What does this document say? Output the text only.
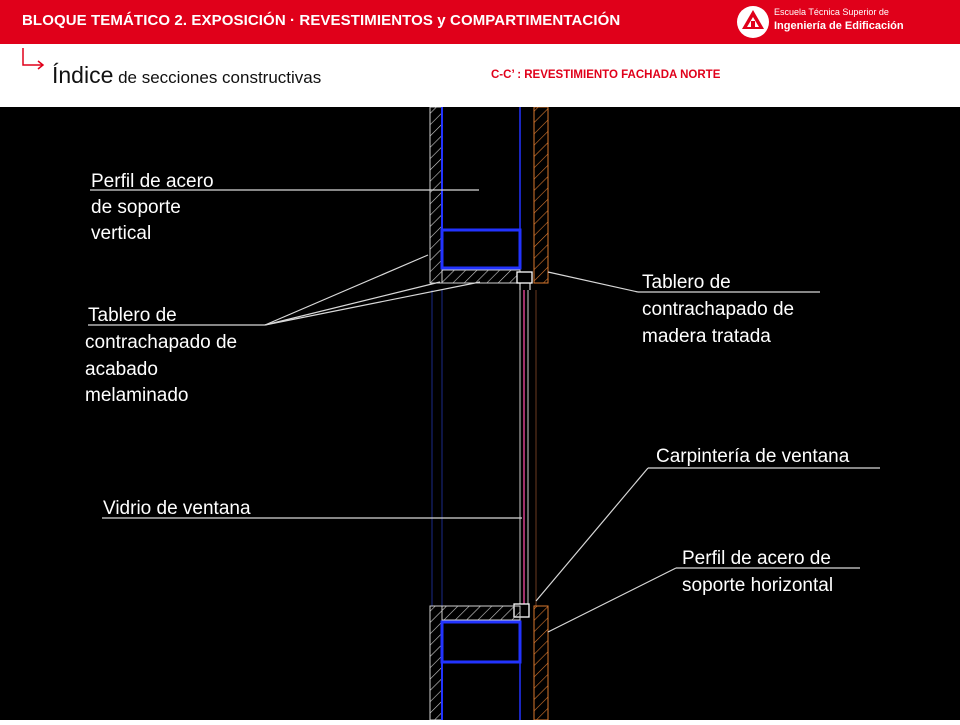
BLOQUE TEMÁTICO 2. EXPOSICIÓN · REVESTIMIENTOS y COMPARTIMENTACIÓN	Escuela Técnica Superior de
Ingeniería de Edificación
Índice de secciones constructivas	C-C’ : REVESTIMIENTO FACHADA NORTE
Perfil de acero
de soporte
vertical
Tablero de
contrachapado de
acabado
melaminado
Tablero de
contrachapado de
madera tratada
Vidrio de ventana
Carpintería de ventana
Perfil de acero de
soporte horizontal
